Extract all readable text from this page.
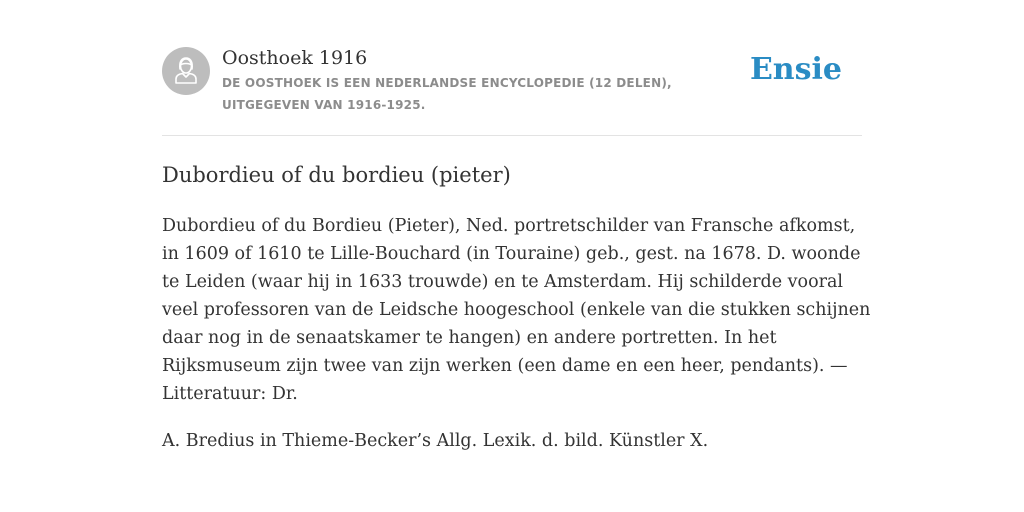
Oosthoek 1916
DE OOSTHOEK IS EEN NEDERLANDSE ENCYCLOPEDIE (12 DELEN), UITGEGEVEN VAN 1916-1925.
Ensie
Dubordieu of du bordieu (pieter)

Dubordieu of du Bordieu (Pieter), Ned. portretschilder van Fransche afkomst, in 1609 of 1610 te Lille-Bouchard (in Touraine) geb., gest. na 1678. D. woonde te Leiden (waar hij in 1633 trouwde) en te Amsterdam. Hij schilderde vooral veel professoren van de Leidsche hoogeschool (enkele van die stukken schijnen daar nog in de senaatskamer te hangen) en andere portretten. In het Rijksmuseum zijn twee van zijn werken (een dame en een heer, pendants). — Litteratuur: Dr.

A. Bredius in Thieme-Becker’s Allg. Lexik. d. bild. Künstler X.
